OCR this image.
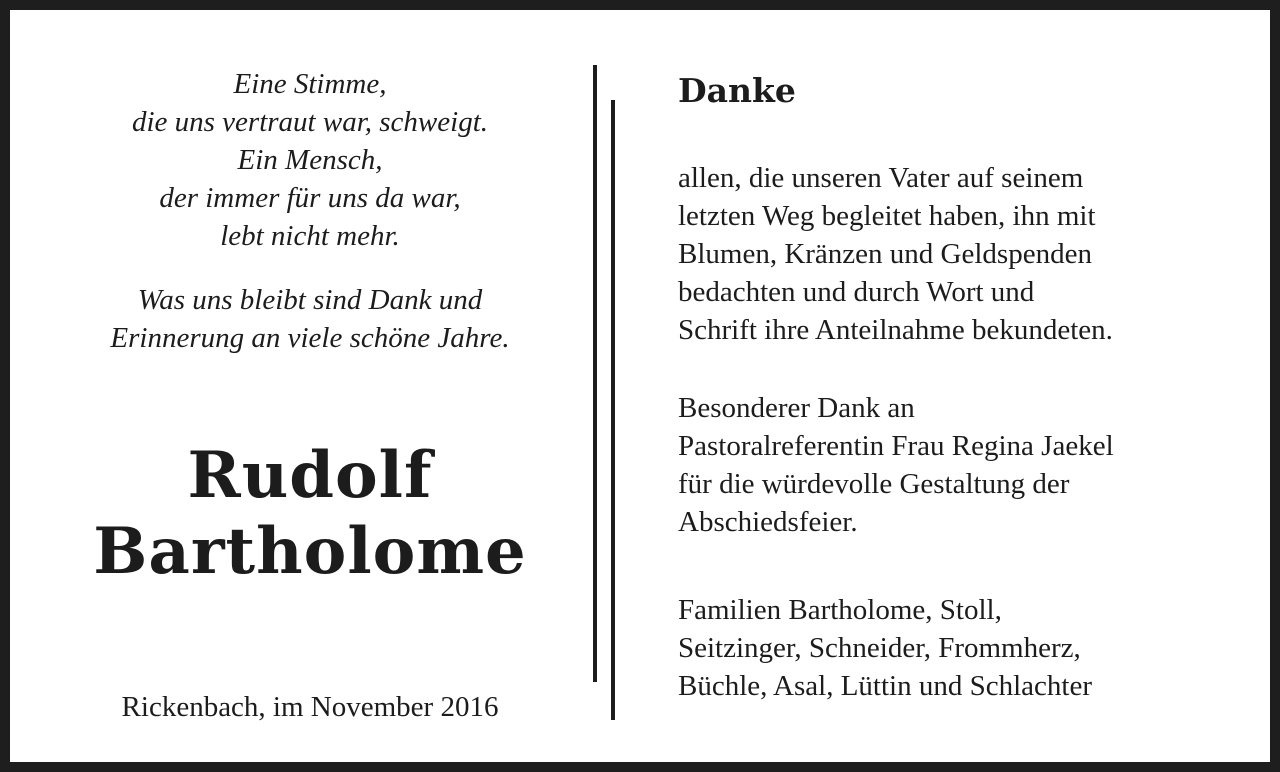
Eine Stimme,
die uns vertraut war, schweigt.
Ein Mensch,
der immer für uns da war,
lebt nicht mehr.
Was uns bleibt sind Dank und
Erinnerung an viele schöne Jahre.
Rudolf
Bartholome
Rickenbach, im November 2016
Danke
allen, die unseren Vater auf seinem
letzten Weg begleitet haben, ihn mit
Blumen, Kränzen und Geldspenden
bedachten und durch Wort und
Schrift ihre Anteilnahme bekundeten.
Besonderer Dank an
Pastoralreferentin Frau Regina Jaekel
für die würdevolle Gestaltung der
Abschiedsfeier.
Familien Bartholome, Stoll,
Seitzinger, Schneider, Frommherz,
Büchle, Asal, Lüttin und Schlachter
